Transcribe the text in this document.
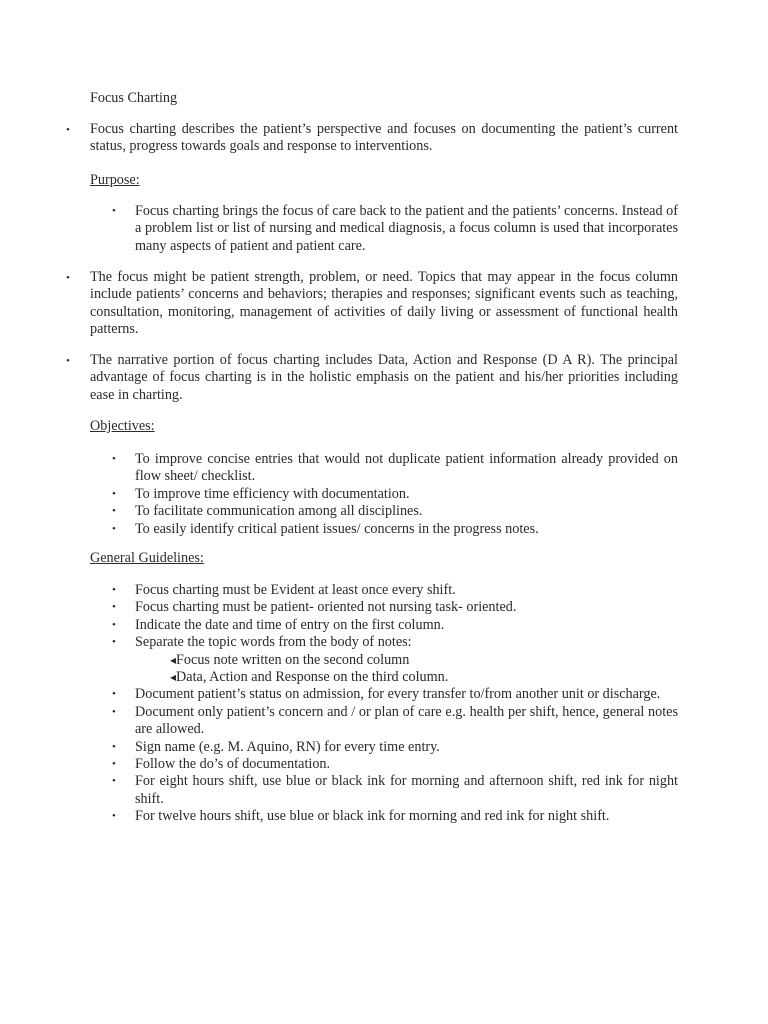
Focus Charting
• Focus charting describes the patient’s perspective and focuses on documenting the patient’s current status, progress towards goals and response to interventions.
Purpose:
• Focus charting brings the focus of care back to the patient and the patients’ concerns. Instead of a problem list or list of nursing and medical diagnosis, a focus column is used that incorporates many aspects of patient and patient care.
• The focus might be patient strength, problem, or need. Topics that may appear in the focus column include patients’ concerns and behaviors; therapies and responses; significant events such as teaching, consultation, monitoring, management of activities of daily living or assessment of functional health patterns.
• The narrative portion of focus charting includes Data, Action and Response (D A R). The principal advantage of focus charting is in the holistic emphasis on the patient and his/her priorities including ease in charting.
Objectives:
• To improve concise entries that would not duplicate patient information already provided on flow sheet/ checklist.
• To improve time efficiency with documentation.
• To facilitate communication among all disciplines.
• To easily identify critical patient issues/ concerns in the progress notes.
General Guidelines:
• Focus charting must be Evident at least once every shift.
• Focus charting must be patient- oriented not nursing task- oriented.
• Indicate the date and time of entry on the first column.
• Separate the topic words from the body of notes:
◂Focus note written on the second column
◂Data, Action and Response on the third column.
• Document patient’s status on admission, for every transfer to/from another unit or discharge.
• Document only patient’s concern and / or plan of care e.g. health per shift, hence, general notes are allowed.
• Sign name (e.g. M. Aquino, RN) for every time entry.
• Follow the do’s of documentation.
• For eight hours shift, use blue or black ink for morning and afternoon shift, red ink for night shift.
• For twelve hours shift, use blue or black ink for morning and red ink for night shift.
